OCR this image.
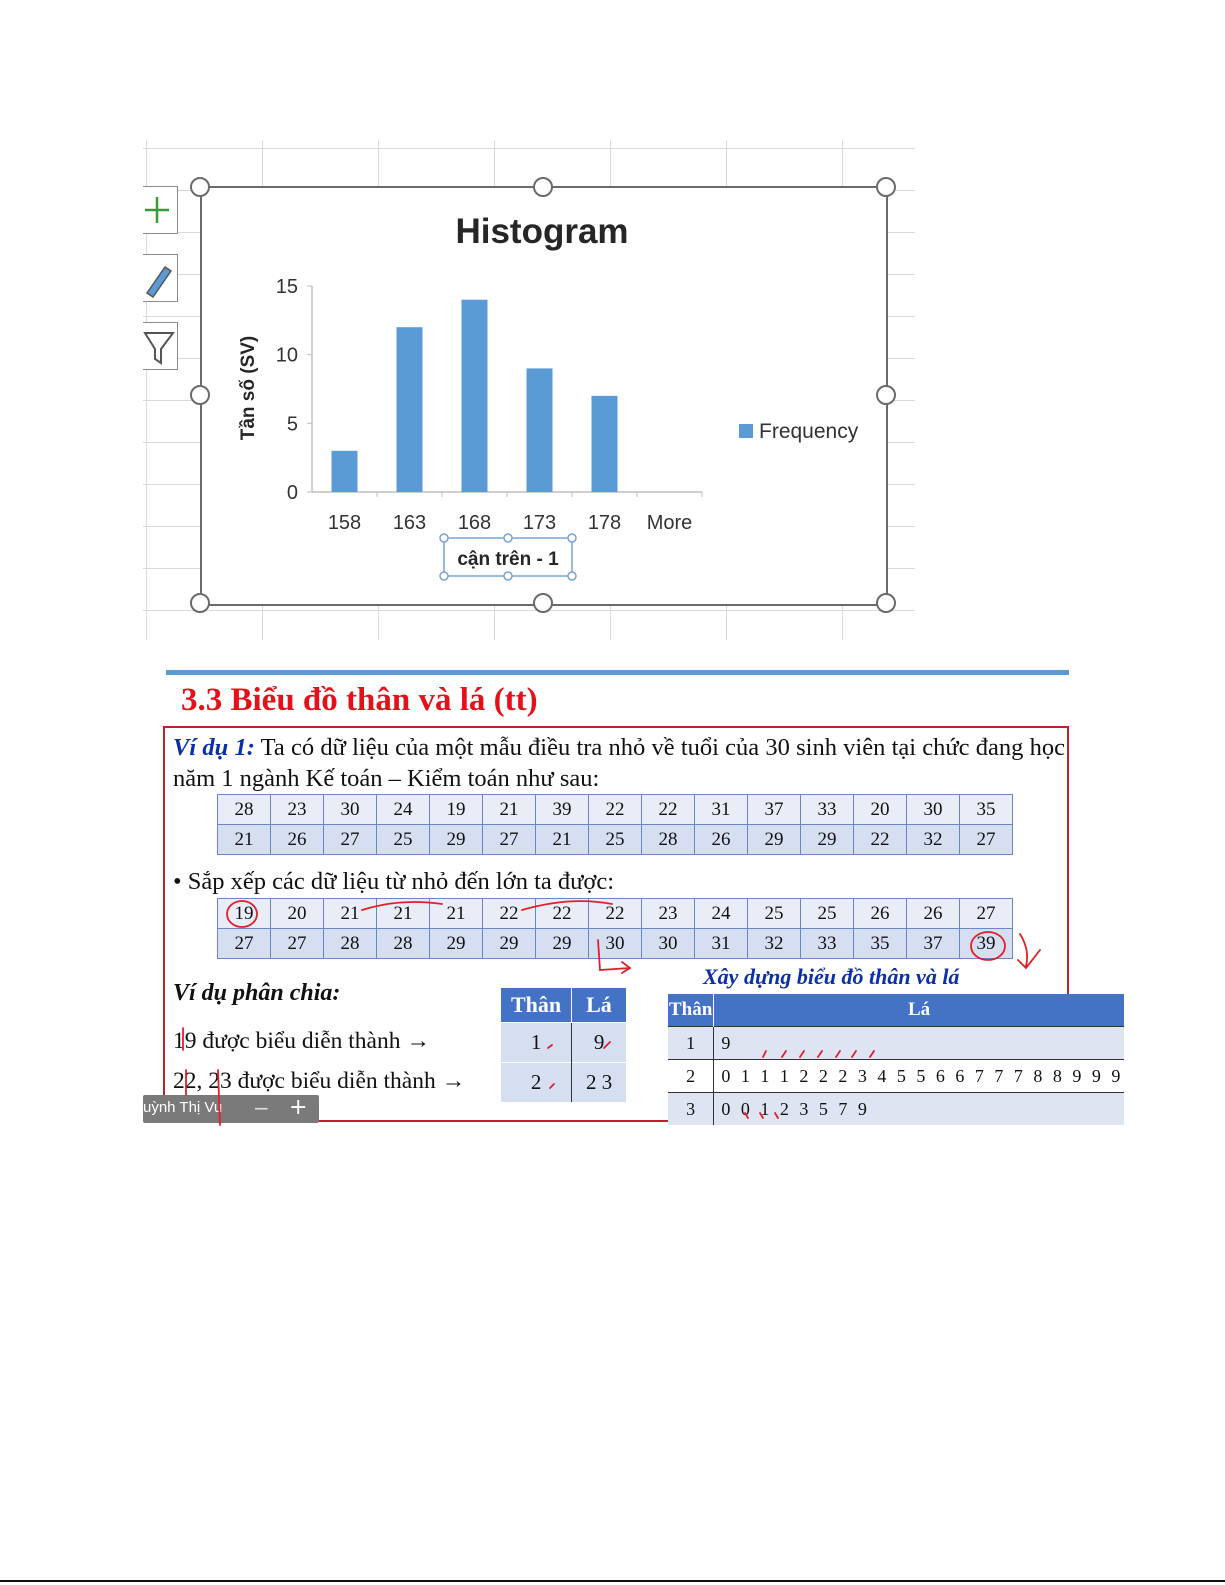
Histogram
Tần số (SV)
0
5
10
15
158 163 168 173 178 More
Frequency
cận trên - 1
3.3 Biểu đồ thân và lá (tt)
Ví dụ 1: Ta có dữ liệu của một mẫu điều tra nhỏ về tuổi của 30 sinh viên tại chức đang học năm 1 ngành Kế toán – Kiểm toán như sau:
28	23	30	24	19	21	39	22	22	31	37	33	20	30	35
21	26	27	25	29	27	21	25	28	26	29	29	22	32	27
• Sắp xếp các dữ liệu từ nhỏ đến lớn ta được:
19	20	21	21	21	22	22	22	23	24	25	25	26	26	27
27	27	28	28	29	29	29	30	30	31	32	33	35	37	39
Ví dụ phân chia:
19 được biểu diễn thành →
22, 23 được biểu diễn thành →
Thân	Lá
1	9
2	2 3
Xây dựng biểu đồ thân và lá
Thân	Lá
1	9
2	0 1 1 1 2 2 2 3 4 5 5 6 6 7 7 7 8 8 9 9 9
3	0 0 1 2 3 5 7 9
uỳnh Thị Vu − +
